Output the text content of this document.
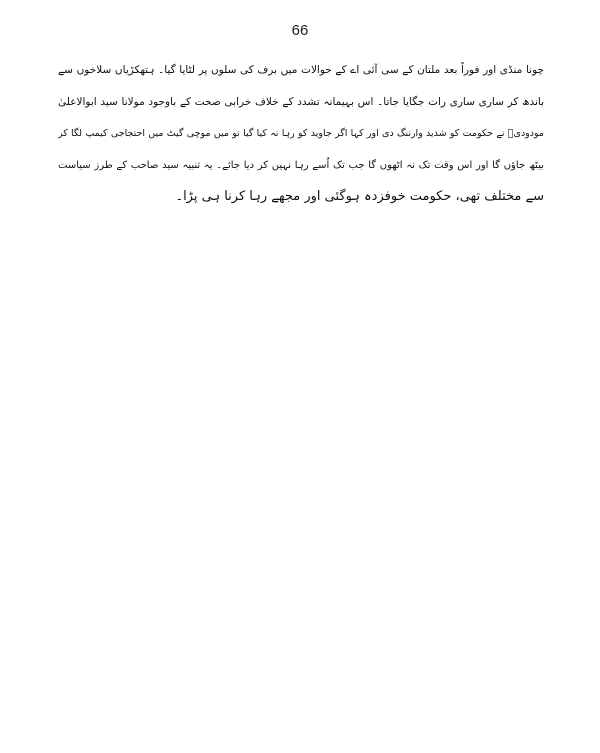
66
چونا منڈی اور فوراً بعد ملتان کے سی آئی اے کے حوالات میں برف کی سلوں پر لٹایا گیا۔ ہتھکڑیاں سلاخوں سے
باندھ کر ساری ساری رات جگایا جاتا۔ اس بہیمانہ تشدد کے خلاف خرابی صحت کے باوجود مولانا سید ابوالاعلیٰ
مودودیؒ نے حکومت کو شدید وارننگ دی اور کہا اگر جاوید کو رہا نہ کیا گیا تو میں موچی گیٹ میں احتجاجی کیمپ لگا کر
بیٹھ جاؤں گا اور اس وقت تک نہ اٹھوں گا جب تک اُسے رہا نہیں کر دیا جائے۔ یہ تنبیہ سید صاحب کے طرز سیاست
سے مختلف تھی، حکومت خوفزدہ ہوگئی اور مجھے رہا کرنا ہی پڑا۔
